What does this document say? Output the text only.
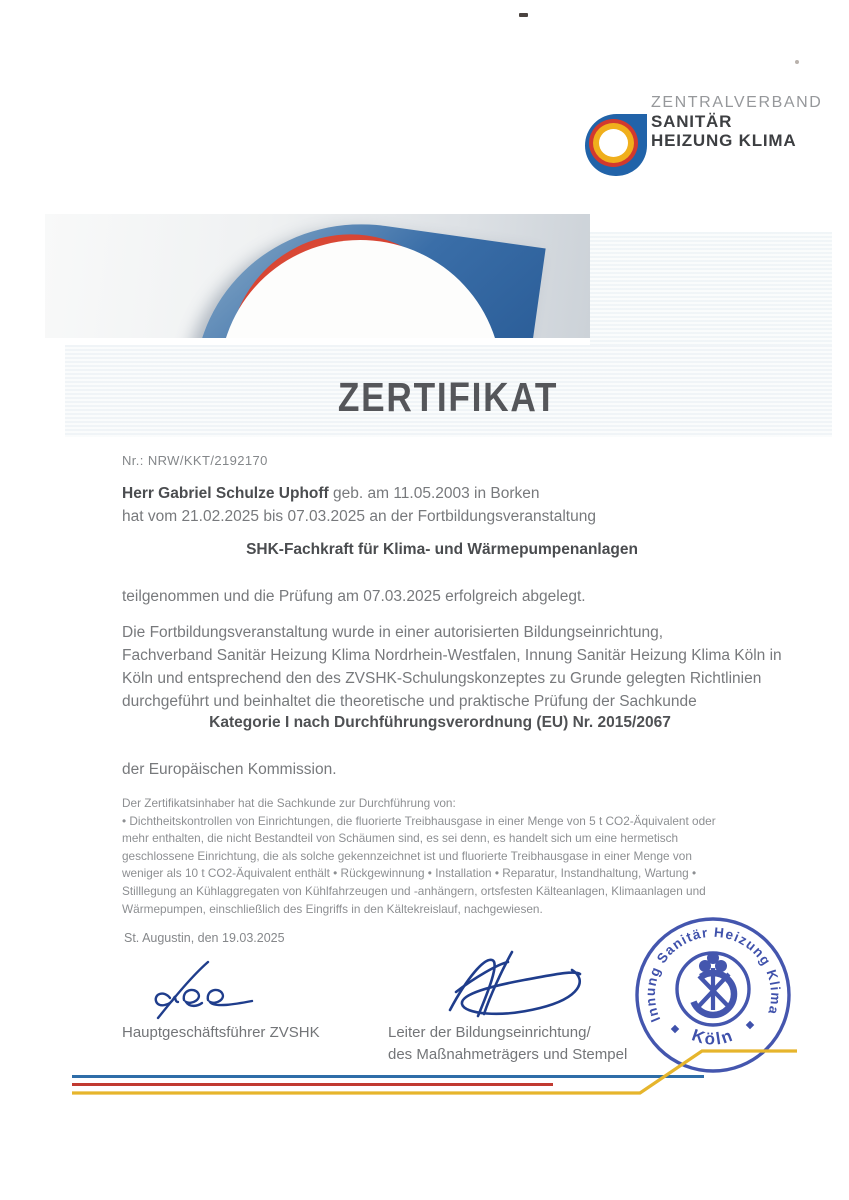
ZENTRALVERBAND
SANITÄR
HEIZUNG KLIMA
ZERTIFIKAT
Nr.: NRW/KKT/2192170
Herr Gabriel Schulze Uphoff geb. am 11.05.2003 in Borken
hat vom 21.02.2025 bis 07.03.2025 an der Fortbildungsveranstaltung
SHK-Fachkraft für Klima- und Wärmepumpenanlagen
teilgenommen und die Prüfung am 07.03.2025 erfolgreich abgelegt.
Die Fortbildungsveranstaltung wurde in einer autorisierten Bildungseinrichtung,
Fachverband Sanitär Heizung Klima Nordrhein-Westfalen, Innung Sanitär Heizung Klima Köln in
Köln und entsprechend den des ZVSHK-Schulungskonzeptes zu Grunde gelegten Richtlinien
durchgeführt und beinhaltet die theoretische und praktische Prüfung der Sachkunde
Kategorie I nach Durchführungsverordnung (EU) Nr. 2015/2067
der Europäischen Kommission.
Der Zertifikatsinhaber hat die Sachkunde zur Durchführung von:
• Dichtheitskontrollen von Einrichtungen, die fluorierte Treibhausgase in einer Menge von 5 t CO2-Äquivalent oder
mehr enthalten, die nicht Bestandteil von Schäumen sind, es sei denn, es handelt sich um eine hermetisch
geschlossene Einrichtung, die als solche gekennzeichnet ist und fluorierte Treibhausgase in einer Menge von
weniger als 10 t CO2-Äquivalent enthält • Rückgewinnung • Installation • Reparatur, Instandhaltung, Wartung •
Stilllegung an Kühlaggregaten von Kühlfahrzeugen und -anhängern, ortsfesten Kälteanlagen, Klimaanlagen und
Wärmepumpen, einschließlich des Eingriffs in den Kältekreislauf, nachgewiesen.
St. Augustin, den 19.03.2025
Innung Sanitär Heizung Klima
Köln
Hauptgeschäftsführer ZVSHK	Leiter der Bildungseinrichtung/
des Maßnahmeträgers und Stempel
